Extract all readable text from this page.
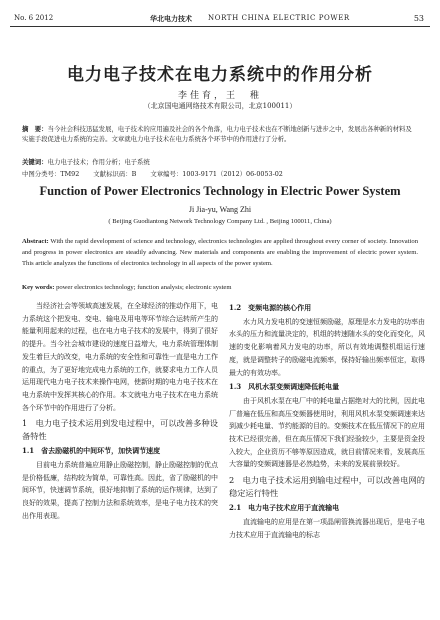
No. 6 2012	华北电力技术 NORTH CHINA ELECTRIC POWER	53
电力电子技术在电力系统中的作用分析
李佳育，王　稚
（北京国电通网络技术有限公司，北京100011）
摘　要：当今社会科技迅猛发展，电子技术的应用遍及社会的各个角落，电力电子技术也在不断地创新与进步之中，发展出各种新的材料及实施手段促进电力系统的完善。文章就电力电子技术在电力系统各个环节中的作用进行了分析。
关键词：电力电子技术；作用分析；电子系统
中图分类号：TM92 文献标识码：B 文章编号：1003-9171（2012）06-0053-02
Function of Power Electronics Technology in Electric Power System
Ji Jia-yu, Wang Zhi
( Beijing Guodiantong Network Technology Company Ltd. , Beijing 100011, China)
Abstract: With the rapid development of science and technology, electronics technologies are applied throughout every corner of society. Innovation and progress in power electronics are steadily advancing. New materials and components are enabling the improvement of electric power system. This article analyzes the functions of electronics technology in all aspects of the power system.
Key words: power electronics technology; function analysis; electronic system

当经济社会等领域高速发展，在全球经济的推动作用下，电力系统这个把发电、变电、输电及用电等环节综合运转所产生的能量利用起来的过程，也在电力电子技术的发展中，得到了很好的提升。当今社会城市建设的速度日益增大，电力系统管理体制发生着巨大的改变，电力系统的安全性和可靠性一直是电力工作的重点，为了更好地完成电力系统的工作，就要求电力工作人员运用现代电力电子技术来操作电网，使新时期的电力电子技术在电力系统中发挥其核心的作用。本文就电力电子技术在电力系统各个环节中的作用进行了分析。

1　电力电子技术运用到发电过程中，可以改善多种设备特性
1.1　省去励磁机的中间环节，加快调节速度

目前电力系统普遍应用静止励磁控制，静止励磁控制的优点是价格低廉，结构较为简单，可靠性高。因此，省了励磁机的中间环节，快速调节系统，很好地抑制了系统的运作规律，达到了良好的效果，提高了控制力法和系统效率，是电子电力技术的突出作用表现。

1.2　变频电源的核心作用

水力风力发电机的变速恒频励磁，原理是水力发电的功率由水头的压力和流量决定的，机组的转速随水头的变化而变化，风速的变化影响着风力发电的功率，所以有效地调整机组运行速度，就是调整转子的励磁电流频率，保持好输出频率恒定，取得最大的有效功率。

1.3　风机水泵变频调速降低耗电量

由于风机水泵在电厂中的耗电量占据绝对大的比例，因此电厂普遍在低压和高压变频器使用时，利用风机水泵变频调速来达到减少耗电量、节约能源的目的。变频技术在低压情况下的应用技术已经很完善，但在高压情况下我们经验较少，主要是资金投入较大，企业资历不够等原因造成，就目前情况来看，发展高压大容量的变频调速器是必然趋势，未来的发展前景较好。

2　电力电子技术运用到输电过程中，可以改善电网的稳定运行特性
2.1　电力电子技术应用于直流输电

直流输电的应用是在第一项晶闸管换流器出现后，是电子电力技术应用于直流输电的标志
